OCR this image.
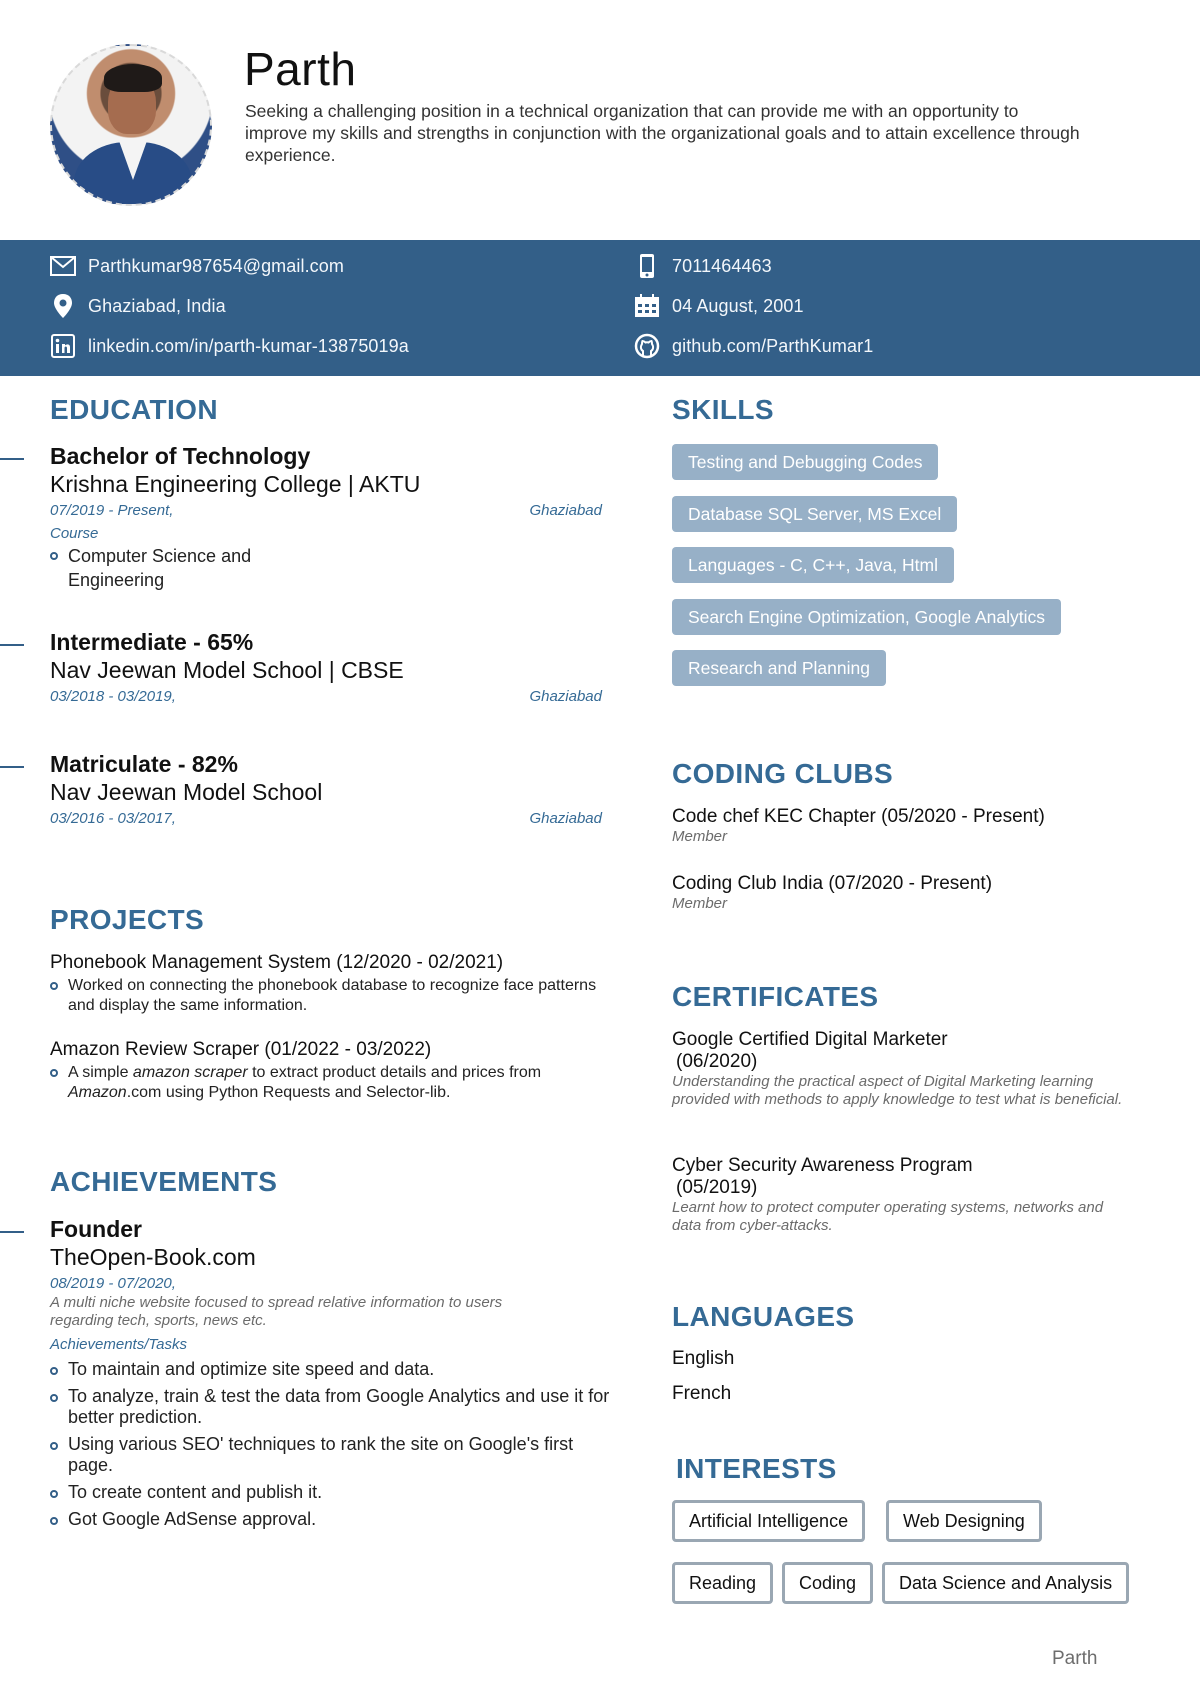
Parth
Seeking a challenging position in a technical organization that can provide me with an opportunity to improve my skills and strengths in conjunction with the organizational goals and to attain excellence through experience.
Parthkumar987654@gmail.com	7011464463
Ghaziabad, India	04 August, 2001
linkedin.com/in/parth-kumar-13875019a	github.com/ParthKumar1
EDUCATION
Bachelor of Technology
Krishna Engineering College | AKTU
07/2019 - Present,	Ghaziabad
Course
Computer Science and Engineering
Intermediate - 65%
Nav Jeewan Model School | CBSE
03/2018 - 03/2019,	Ghaziabad
Matriculate - 82%
Nav Jeewan Model School
03/2016 - 03/2017,	Ghaziabad
SKILLS
Testing and Debugging Codes
Database SQL Server, MS Excel
Languages - C, C++, Java, Html
Search Engine Optimization, Google Analytics
Research and Planning
CODING CLUBS
Code chef KEC Chapter (05/2020 - Present)
Member
Coding Club India (07/2020 - Present)
Member
PROJECTS
Phonebook Management System (12/2020 - 02/2021)
Worked on connecting the phonebook database to recognize face patterns and display the same information.
Amazon Review Scraper (01/2022 - 03/2022)
A simple amazon scraper to extract product details and prices from Amazon.com using Python Requests and Selector-lib.
CERTIFICATES
Google Certified Digital Marketer
(06/2020)
Understanding the practical aspect of Digital Marketing learning provided with methods to apply knowledge to test what is beneficial.
Cyber Security Awareness Program
(05/2019)
Learnt how to protect computer operating systems, networks and data from cyber-attacks.
ACHIEVEMENTS
Founder
TheOpen-Book.com
08/2019 - 07/2020,
A multi niche website focused to spread relative information to users regarding tech, sports, news etc.
Achievements/Tasks
To maintain and optimize site speed and data.
To analyze, train & test the data from Google Analytics and use it for better prediction.
Using various SEO' techniques to rank the site on Google's first page.
To create content and publish it.
Got Google AdSense approval.
LANGUAGES
English
French
INTERESTS
Artificial Intelligence	Web Designing
Reading	Coding	Data Science and Analysis
Parth
